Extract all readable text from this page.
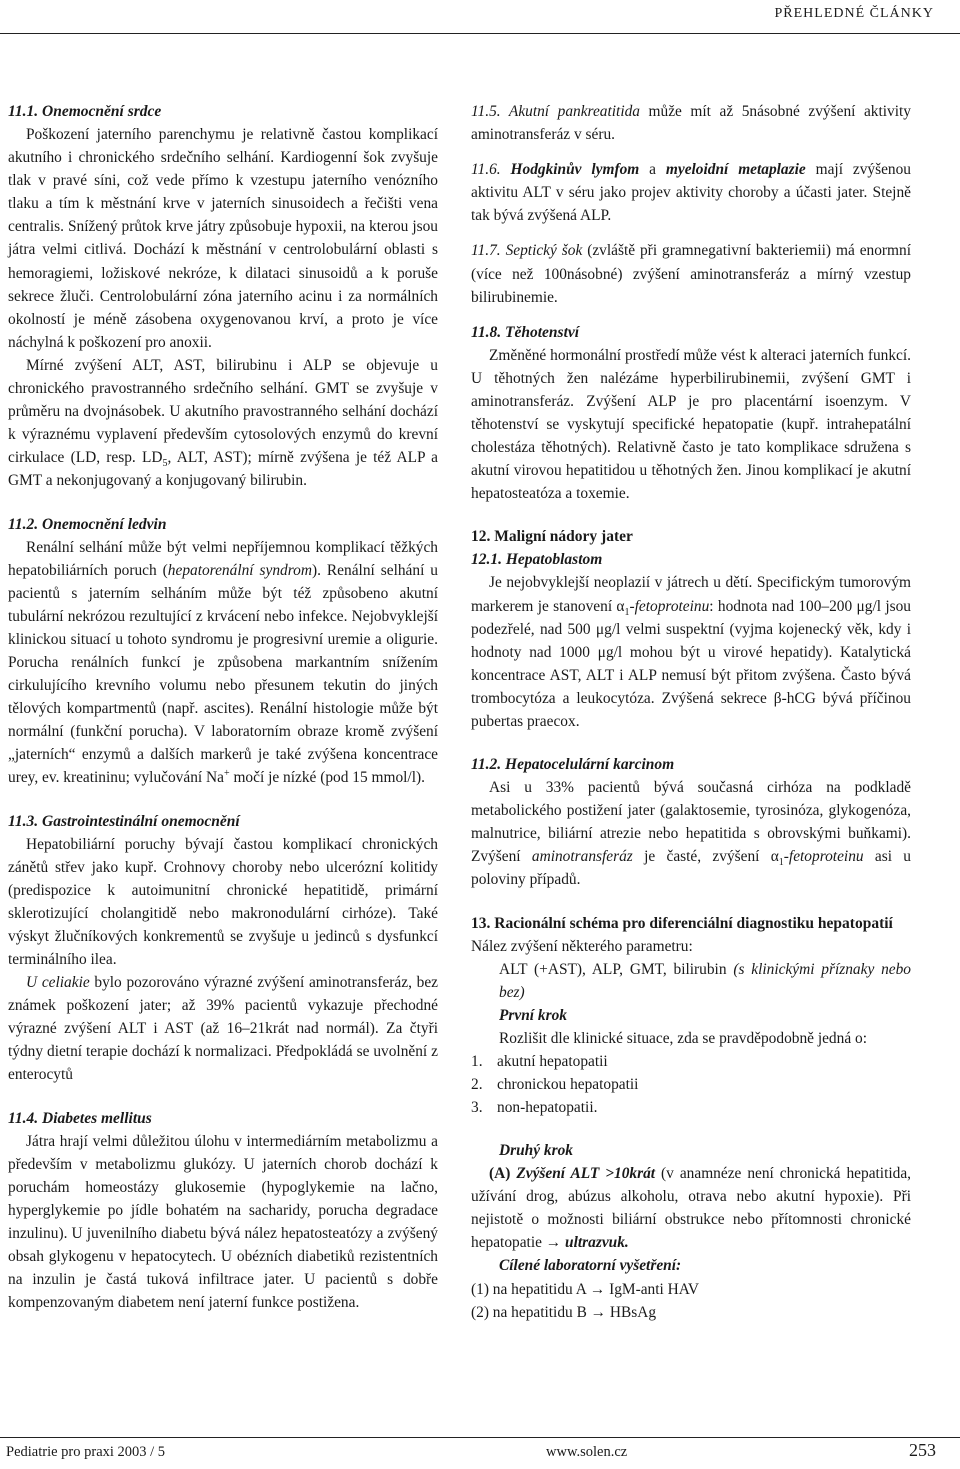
PŘEHLEDNÉ ČLÁNKY
11.1. Onemocnění srdce

Poškození jaterního parenchymu je relativně častou komplikací akutního i chronického srdečního selhání. Kardiogenní šok zvyšuje tlak v pravé síni, což vede přímo k vzestupu jaterního venózního tlaku a tím k městnání krve v jaterních sinusoidech a řečišti vena centralis. Snížený průtok krve játry způsobuje hypoxii, na kterou jsou játra velmi citlivá. Dochází k městnání v centrolobulární oblasti s hemoragiemi, ložiskové nekróze, k dilataci sinusoidů a k poruše sekrece žluči. Centrolobulární zóna jaterního acinu i za normálních okolností je méně zásobena oxygenovanou krví, a proto je více náchylná k poškození pro anoxii.

Mírné zvýšení ALT, AST, bilirubinu i ALP se objevuje u chronického pravostranného srdečního selhání. GMT se zvyšuje v průměru na dvojnásobek. U akutního pravostranného selhání dochází k výraznému vyplavení především cytosolových enzymů do krevní cirkulace (LD, resp. $LD_5$, ALT, AST); mírně zvýšena je též ALP a GMT a nekonjugovaný a konjugovaný bilirubin.

11.2. Onemocnění ledvin

Renální selhání může být velmi nepříjemnou komplikací těžkých hepatobiliárních poruch (hepatorenální syndrom). Renální selhání u pacientů s jaterním selháním může být též způsobeno akutní tubulární nekrózou rezultující z krvácení nebo infekce. Nejobvyklejší klinickou situací u tohoto syndromu je progresivní uremie a oligurie. Porucha renálních funkcí je způsobena markantním snížením cirkulujícího krevního volumu nebo přesunem tekutin do jiných tělových kompartmentů (např. ascites). Renální histologie může být normální (funkční porucha). V laboratorním obraze kromě zvýšení „jaterních“ enzymů a dalších markerů je také zvýšena koncentrace urey, ev. kreatininu; vylučování Na+ močí je nízké (pod 15 mmol/l).

11.3. Gastrointestinální onemocnění

Hepatobiliární poruchy bývají častou komplikací chronických zánětů střev jako kupř. Crohnovy choroby nebo ulcerózní kolitidy (predispozice k autoimunitní chronické hepatitidě, primární sklerotizující cholangitidě nebo makronodulární cirhóze). Také výskyt žlučníkových konkrementů se zvyšuje u jedinců s dysfunkcí terminálního ilea.

U celiakie bylo pozorováno výrazné zvýšení aminotransferáz, bez známek poškození jater; až 39% pacientů vykazuje přechodné výrazné zvýšení ALT i AST (až 16–21krát nad normál). Za čtyři týdny dietní terapie dochází k normalizaci. Předpokládá se uvolnění z enterocytů

11.4. Diabetes mellitus

Játra hrají velmi důležitou úlohu v intermediárním metabolizmu a především v metabolizmu glukózy. U jaterních chorob dochází k poruchám homeostázy glukosemie (hypoglykemie na lačno, hyperglykemie po jídle bohatém na sacharidy, porucha degradace inzulinu). U juvenilního diabetu bývá nález hepatosteatózy a zvýšený obsah glykogenu v hepatocytech. U obézních diabetiků rezistentních na inzulin je častá tuková infiltrace jater. U pacientů s dobře kompenzovaným diabetem není jaterní funkce postižena.

11.5. Akutní pankreatitida může mít až 5násobné zvýšení aktivity aminotransferáz v séru.

11.6. Hodgkinův lymfom a myeloidní metaplazie mají zvýšenou aktivitu ALT v séru jako projev aktivity choroby a účasti jater. Stejně tak bývá zvýšená ALP.

11.7. Septický šok (zvláště při gramnegativní bakteriemii) má enormní (více než 100násobné) zvýšení aminotransferáz a mírný vzestup bilirubinemie.

11.8. Těhotenství

Změněné hormonální prostředí může vést k alteraci jaterních funkcí. U těhotných žen nalézáme hyperbilirubinemii, zvýšení GMT i aminotransferáz. Zvýšení ALP je pro placentární isoenzym. V těhotenství se vyskytují specifické hepatopatie (kupř. intrahepatální cholestáza těhotných). Relativně často je tato komplikace sdružena s akutní virovou hepatitidou u těhotných žen. Jinou komplikací je akutní hepatosteatóza a toxemie.

12. Maligní nádory jater
12.1. Hepatoblastom

Je nejobvyklejší neoplazií v játrech u dětí. Specifickým tumorovým markerem je stanovení $\alpha_1$-fetoproteinu: hodnota nad 100–200 μg/l jsou podezřelé, nad 500 μg/l velmi suspektní (vyjma kojenecký věk, kdy i hodnoty nad 1000 μg/l mohou být u virové hepatidy). Katalytická koncentrace AST, ALT i ALP nemusí být přitom zvýšena. Často bývá trombocytóza a leukocytóza. Zvýšená sekrece β-hCG bývá příčinou pubertas praecox.

11.2. Hepatocelulární karcinom

Asi u 33% pacientů bývá současná cirhóza na podkladě metabolického postižení jater (galaktosemie, tyrosinóza, glykogenóza, malnutrice, biliární atrezie nebo hepatitida s obrovskými buňkami). Zvýšení aminotransferáz je časté, zvýšení $\alpha_1$-fetoproteinu asi u poloviny případů.

13. Racionální schéma pro diferenciální diagnostiku hepatopatií

Nález zvýšení některého parametru:

ALT (+AST), ALP, GMT, bilirubin (s klinickými příznaky nebo bez)

První krok

Rozlišit dle klinické situace, zda se pravděpodobně jedná o:

1. akutní hepatopatii
2. chronickou hepatopatii
3. non-hepatopatii.

Druhý krok

(A) Zvýšení ALT >10krát (v anamnéze není chronická hepatitida, užívání drog, abúzus alkoholu, otrava nebo akutní hypoxie). Při nejistotě o možnosti biliární obstrukce nebo přítomnosti chronické hepatopatie → ultrazvuk.

Cílené laboratorní vyšetření:

(1) na hepatitidu A → IgM-anti HAV

(2) na hepatitidu B → HBsAg

Pediatrie pro praxi 2003 / 5	www.solen.cz	253
